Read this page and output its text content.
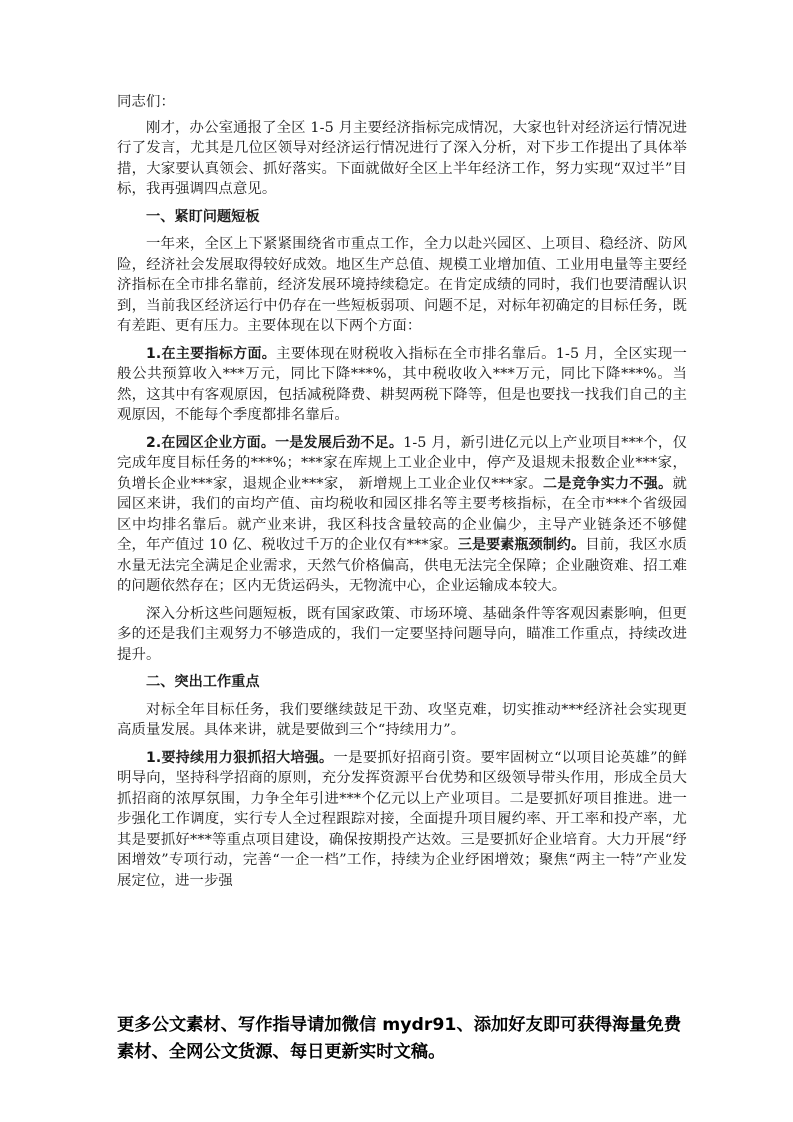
同志们：

刚才，办公室通报了全区 1-5 月主要经济指标完成情况，大家也针对经济运行情况进行了发言，尤其是几位区领导对经济运行情况进行了深入分析，对下步工作提出了具体举措，大家要认真领会、抓好落实。下面就做好全区上半年经济工作，努力实现“双过半”目标，我再强调四点意见。

一、紧盯问题短板

一年来，全区上下紧紧围绕省市重点工作，全力以赴兴园区、上项目、稳经济、防风险，经济社会发展取得较好成效。地区生产总值、规模工业增加值、工业用电量等主要经济指标在全市排名靠前，经济发展环境持续稳定。在肯定成绩的同时，我们也要清醒认识到，当前我区经济运行中仍存在一些短板弱项、问题不足，对标年初确定的目标任务，既有差距、更有压力。主要体现在以下两个方面：

1.在主要指标方面。主要体现在财税收入指标在全市排名靠后。1-5 月，全区实现一般公共预算收入***万元，同比下降***%，其中税收收入***万元，同比下降***%。当然，这其中有客观原因，包括减税降费、耕契两税下降等，但是也要找一找我们自己的主观原因，不能每个季度都排名靠后。

2.在园区企业方面。一是发展后劲不足。1-5 月，新引进亿元以上产业项目***个，仅完成年度目标任务的***%；***家在库规上工业企业中，停产及退规未报数企业***家，负增长企业***家，退规企业***家， 新增规上工业企业仅***家。二是竞争实力不强。就园区来讲，我们的亩均产值、亩均税收和园区排名等主要考核指标，在全市***个省级园区中均排名靠后。就产业来讲，我区科技含量较高的企业偏少，主导产业链条还不够健全，年产值过 10 亿、税收过千万的企业仅有***家。三是要素瓶颈制约。目前，我区水质水量无法完全满足企业需求，天然气价格偏高，供电无法完全保障；企业融资难、招工难的问题依然存在；区内无货运码头，无物流中心，企业运输成本较大。

深入分析这些问题短板，既有国家政策、市场环境、基础条件等客观因素影响，但更多的还是我们主观努力不够造成的，我们一定要坚持问题导向，瞄准工作重点，持续改进提升。

二、突出工作重点

对标全年目标任务，我们要继续鼓足干劲、攻坚克难，切实推动***经济社会实现更高质量发展。具体来讲，就是要做到三个“持续用力”。

1.要持续用力狠抓招大培强。一是要抓好招商引资。要牢固树立“以项目论英雄”的鲜明导向，坚持科学招商的原则，充分发挥资源平台优势和区级领导带头作用，形成全员大抓招商的浓厚氛围，力争全年引进***个亿元以上产业项目。二是要抓好项目推进。进一步强化工作调度，实行专人全过程跟踪对接，全面提升项目履约率、开工率和投产率，尤其是要抓好***等重点项目建设，确保按期投产达效。三是要抓好企业培育。大力开展“纾困增效”专项行动，完善“一企一档”工作，持续为企业纾困增效；聚焦“两主一特”产业发展定位，进一步强

更多公文素材、写作指导请加微信 mydr91、添加好友即可获得海量免费素材、全网公文货源、每日更新实时文稿。
